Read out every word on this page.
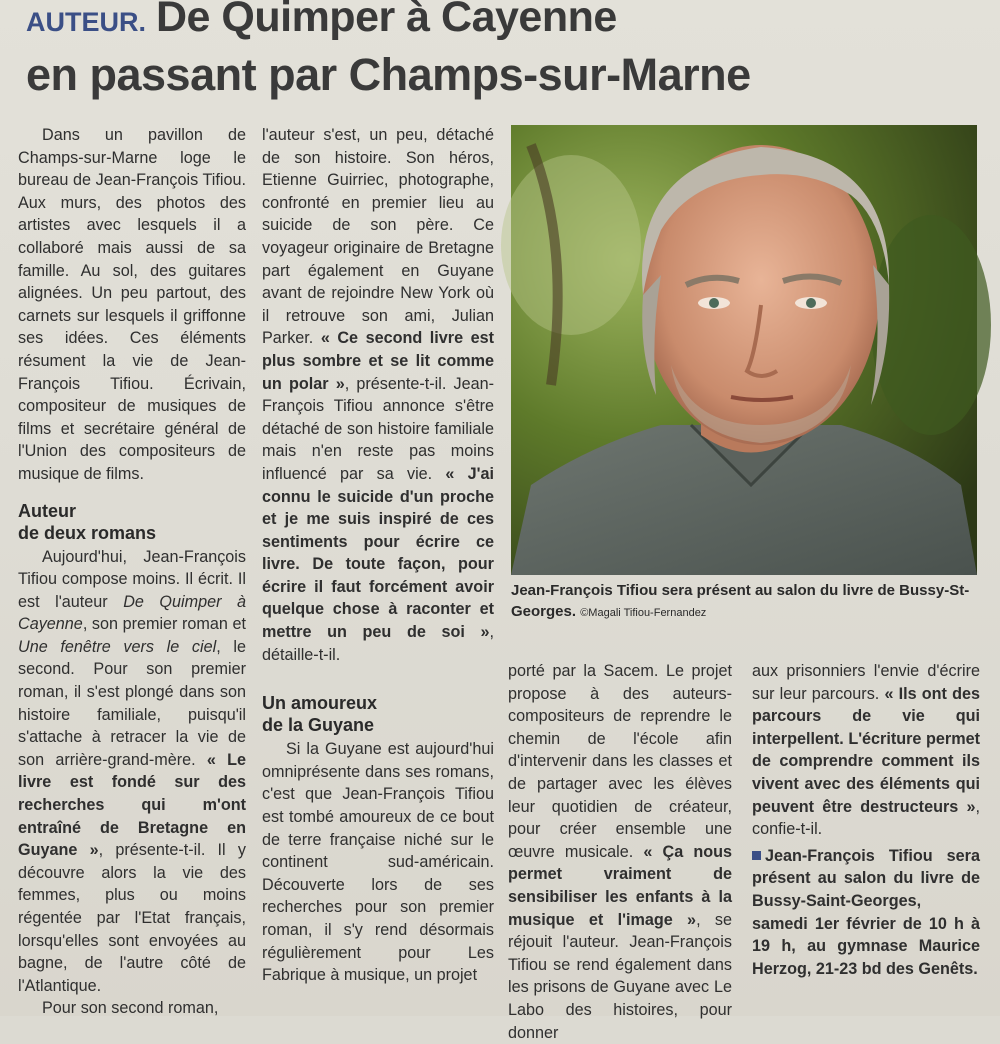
AUTEUR. De Quimper à Cayenne
en passant par Champs-sur-Marne

Dans un pavillon de Champs-sur-Marne loge le bureau de Jean-François Tifiou. Aux murs, des photos des artistes avec lesquels il a collaboré mais aussi de sa famille. Au sol, des guitares alignées. Un peu partout, des carnets sur lesquels il griffonne ses idées. Ces éléments résument la vie de Jean-François Tifiou. Écrivain, compositeur de musiques de films et secrétaire général de l'Union des compositeurs de musique de films.

Auteur
de deux romans

Aujourd'hui, Jean-François Tifiou compose moins. Il écrit. Il est l'auteur De Quimper à Cayenne, son premier roman et Une fenêtre vers le ciel, le second. Pour son premier roman, il s'est plongé dans son histoire familiale, puisqu'il s'attache à retracer la vie de son arrière-grand-mère. « Le livre est fondé sur des recherches qui m'ont entraîné de Bretagne en Guyane », présente-t-il. Il y découvre alors la vie des femmes, plus ou moins régentée par l'Etat français, lorsqu'elles sont envoyées au bagne, de l'autre côté de l'Atlantique.

Pour son second roman,

l'auteur s'est, un peu, détaché de son histoire. Son héros, Etienne Guirriec, photographe, confronté en premier lieu au suicide de son père. Ce voyageur originaire de Bretagne part également en Guyane avant de rejoindre New York où il retrouve son ami, Julian Parker. « Ce second livre est plus sombre et se lit comme un polar », présente-t-il. Jean-François Tifiou annonce s'être détaché de son histoire familiale mais n'en reste pas moins influencé par sa vie. « J'ai connu le suicide d'un proche et je me suis inspiré de ces sentiments pour écrire ce livre. De toute façon, pour écrire il faut forcément avoir quelque chose à raconter et mettre un peu de soi », détaille-t-il.

Un amoureux
de la Guyane

Si la Guyane est aujourd'hui omniprésente dans ses romans, c'est que Jean-François Tifiou est tombé amoureux de ce bout de terre française niché sur le continent sud-américain. Découverte lors de ses recherches pour son premier roman, il s'y rend désormais régulièrement pour Les Fabrique à musique, un projet

Jean-François Tifiou sera présent au salon du livre de Bussy-St-Georges. ©Magali Tifiou-Fernandez

porté par la Sacem. Le projet propose à des auteurs-compositeurs de reprendre le chemin de l'école afin d'intervenir dans les classes et de partager avec les élèves leur quotidien de créateur, pour créer ensemble une œuvre musicale. « Ça nous permet vraiment de sensibiliser les enfants à la musique et l'image », se réjouit l'auteur. Jean-François Tifiou se rend également dans les prisons de Guyane avec Le Labo des histoires, pour donner

aux prisonniers l'envie d'écrire sur leur parcours. « Ils ont des parcours de vie qui interpellent. L'écriture permet de comprendre comment ils vivent avec des éléments qui peuvent être destructeurs », confie-t-il.

Jean-François Tifiou sera présent au salon du livre de Bussy-Saint-Georges, samedi 1er février de 10 h à 19 h, au gymnase Maurice Herzog, 21-23 bd des Genêts.
